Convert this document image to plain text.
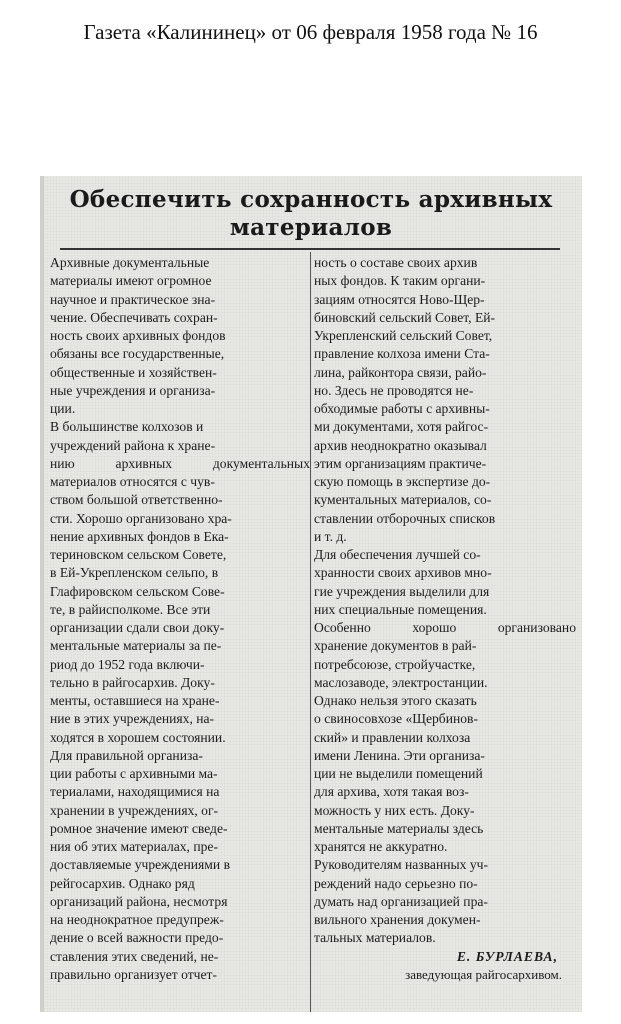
Газета «Калининец» от 06 февраля 1958 года № 16
Обеспечить сохранность архивных
материалов
Архивные документальные
материалы имеют огромное
научное и практическое зна-
чение. Обеспечивать сохран-
ность своих архивных фондов
обязаны все государственные,
общественные и хозяйствен-
ные учреждения и организа-
ции.
В большинстве колхозов и
учреждений района к хране-
нию архивных документальных
материалов относятся с чув-
ством большой ответственно-
сти. Хорошо организовано хра-
нение архивных фондов в Ека-
териновском сельском Совете,
в Ей-Укрепленском сельпо, в
Глафировском сельском Сове-
те, в райисполкоме. Все эти
организации сдали свои доку-
ментальные материалы за пе-
риод до 1952 года включи-
тельно в райгосархив. Доку-
менты, оставшиеся на хране-
ние в этих учреждениях, на-
ходятся в хорошем состоянии.
Для правильной организа-
ции работы с архивными ма-
териалами, находящимися на
хранении в учреждениях, ог-
ромное значение имеют сведе-
ния об этих материалах, пре-
доставляемые учреждениями в
рейгосархив. Однако ряд
организаций района, несмотря
на неоднократное предупреж-
дение о всей важности предо-
ставления этих сведений, не-
правильно организует отчет-
ность о составе своих архив
ных фондов. К таким органи-
зациям относятся Ново-Щер-
биновский сельский Совет, Ей-
Укрепленский сельский Совет,
правление колхоза имени Ста-
лина, райконтора связи, райо-
но. Здесь не проводятся не-
обходимые работы с архивны-
ми документами, хотя райгос-
архив неоднократно оказывал
этим организациям практиче-
скую помощь в экспертизе до-
кументальных материалов, со-
ставлении отборочных списков
и т. д.
Для обеспечения лучшей со-
хранности своих архивов мно-
гие учреждения выделили для
них специальные помещения.
Особенно хорошо организовано
хранение документов в рай-
потребсоюзе, стройучастке,
маслозаводе, электростанции.
Однако нельзя этого сказать
о свиносовхозе «Щербинов-
ский» и правлении колхоза
имени Ленина. Эти организа-
ции не выделили помещений
для архива, хотя такая воз-
можность у них есть. Доку-
ментальные материалы здесь
хранятся не аккуратно.
Руководителям названных уч-
реждений надо серьезно по-
думать над организацией пра-
вильного хранения докумен-
тальных материалов.
Е. БУРЛАЕВА,
заведующая райгосархивом.
